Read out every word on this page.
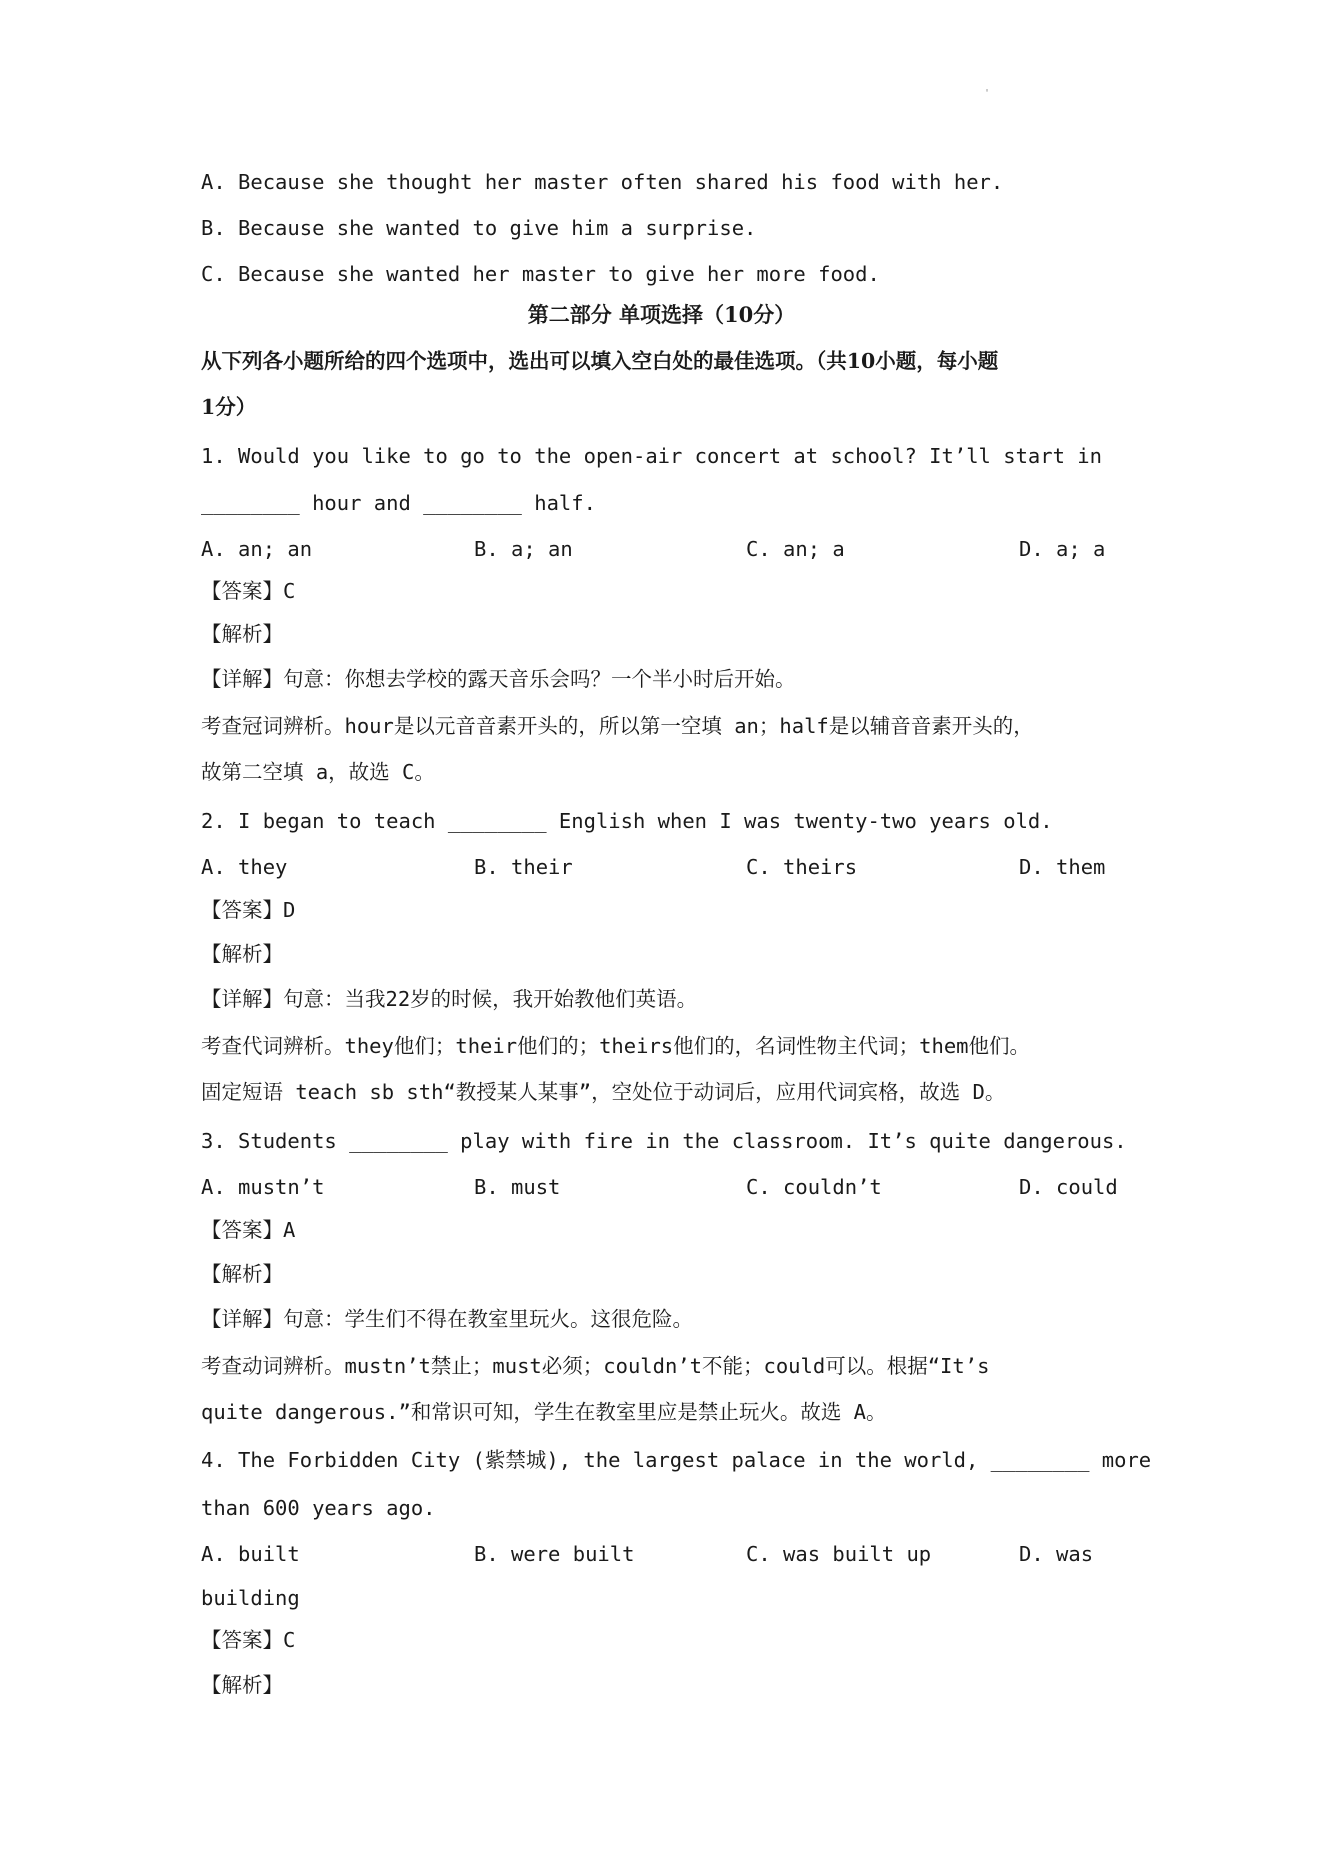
'
A. Because she thought her master often shared his food with her.
B. Because she wanted to give him a surprise.
C. Because she wanted her master to give her more food.
第二部分 单项选择（10分）
从下列各小题所给的四个选项中，选出可以填入空白处的最佳选项。（共10小题，每小题
1分）
1. Would you like to go to the open-air concert at school? It’ll start in
________ hour and ________ half.
A. an; an	B. a; an	C. an; a	D. a; a
【答案】C
【解析】
【详解】句意：你想去学校的露天音乐会吗？一个半小时后开始。
考查冠词辨析。hour是以元音音素开头的，所以第一空填 an；half是以辅音音素开头的，
故第二空填 a，故选 C。
2. I began to teach ________ English when I was twenty-two years old.
A. they	B. their	C. theirs	D. them
【答案】D
【解析】
【详解】句意：当我22岁的时候，我开始教他们英语。
考查代词辨析。they他们；their他们的；theirs他们的，名词性物主代词；them他们。
固定短语 teach sb sth“教授某人某事”，空处位于动词后，应用代词宾格，故选 D。
3. Students ________ play with fire in the classroom. It’s quite dangerous.
A. mustn’t	B. must	C. couldn’t	D. could
【答案】A
【解析】
【详解】句意：学生们不得在教室里玩火。这很危险。
考查动词辨析。mustn’t禁止；must必须；couldn’t不能；could可以。根据“It’s
quite dangerous.”和常识可知，学生在教室里应是禁止玩火。故选 A。
4. The Forbidden City (紫禁城), the largest palace in the world, ________ more
than 600 years ago.
A. built	B. were built	C. was built up	D. was
building
【答案】C
【解析】
